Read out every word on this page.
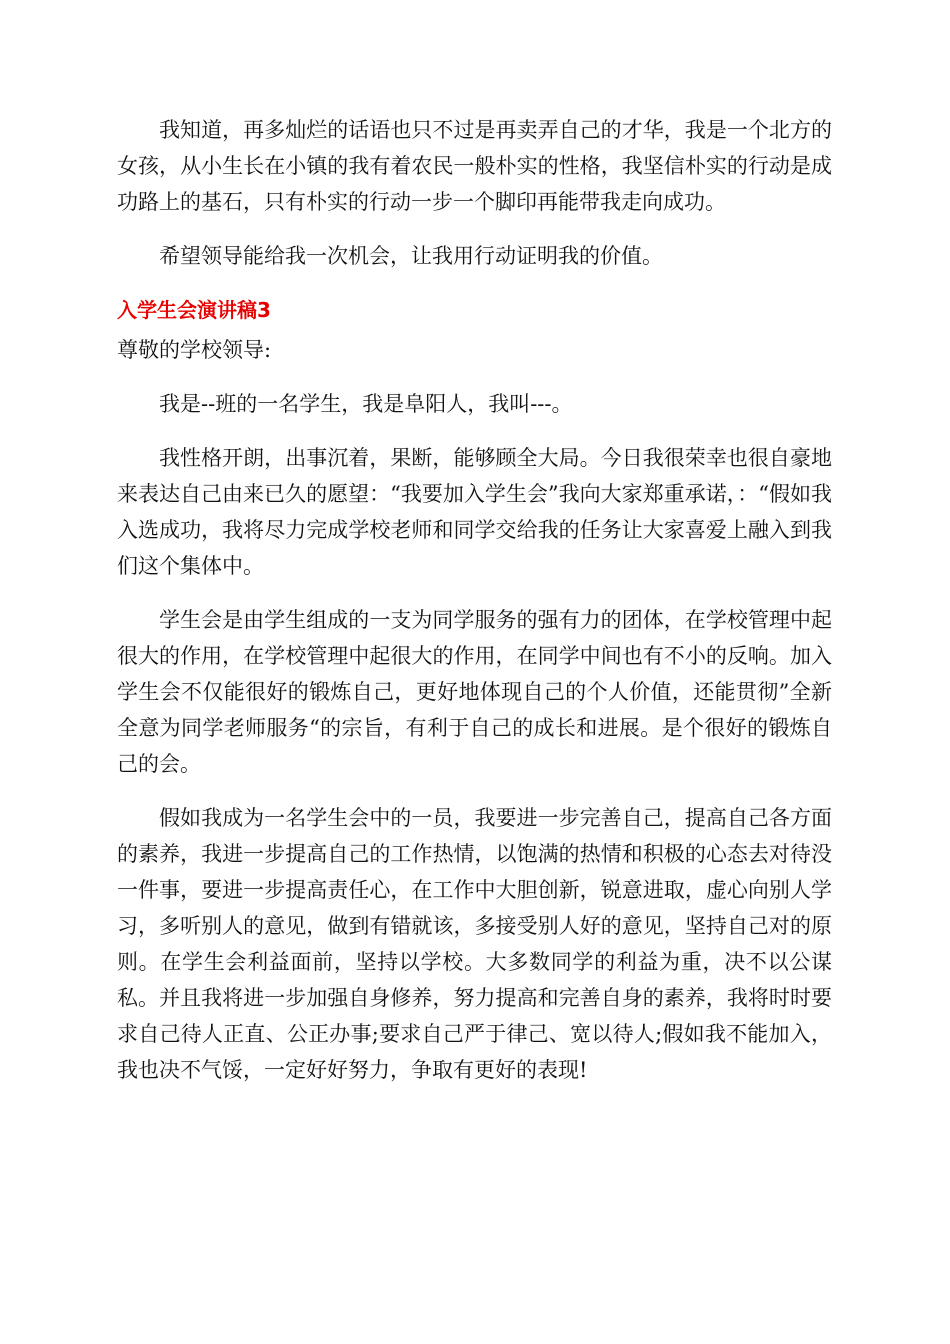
我知道，再多灿烂的话语也只不过是再卖弄自己的才华，我是一个北方的女孩，从小生长在小镇的我有着农民一般朴实的性格，我坚信朴实的行动是成功路上的基石，只有朴实的行动一步一个脚印再能带我走向成功。

希望领导能给我一次机会，让我用行动证明我的价值。

入学生会演讲稿3

尊敬的学校领导:

我是--班的一名学生，我是阜阳人，我叫---。

我性格开朗，出事沉着，果断，能够顾全大局。今日我很荣幸也很自豪地来表达自己由来已久的愿望：“我要加入学生会”我向大家郑重承诺，：“假如我入选成功，我将尽力完成学校老师和同学交给我的任务让大家喜爱上融入到我们这个集体中。

学生会是由学生组成的一支为同学服务的强有力的团体，在学校管理中起很大的作用，在学校管理中起很大的作用，在同学中间也有不小的反响。加入学生会不仅能很好的锻炼自己，更好地体现自己的个人价值，还能贯彻”全新全意为同学老师服务“的宗旨，有利于自己的成长和进展。是个很好的锻炼自己的会。

假如我成为一名学生会中的一员，我要进一步完善自己，提高自己各方面的素养，我进一步提高自己的工作热情，以饱满的热情和积极的心态去对待没一件事，要进一步提高责任心，在工作中大胆创新，锐意进取，虚心向别人学习，多听别人的意见，做到有错就该，多接受别人好的意见，坚持自己对的原则。在学生会利益面前，坚持以学校。大多数同学的利益为重，决不以公谋私。并且我将进一步加强自身修养，努力提高和完善自身的素养，我将时时要求自己待人正直、公正办事;要求自己严于律己、宽以待人;假如我不能加入，我也决不气馁，一定好好努力，争取有更好的表现!
